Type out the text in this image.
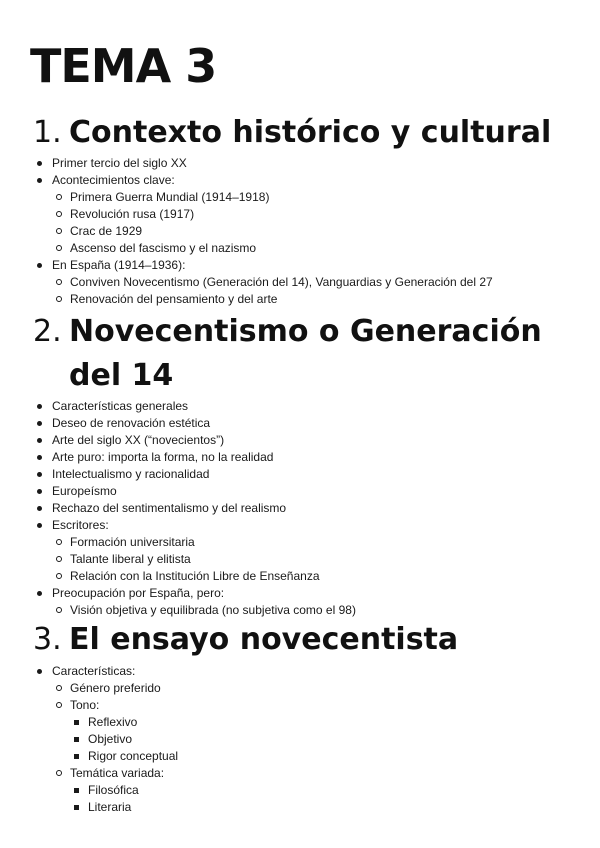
TEMA 3
1. Contexto histórico y cultural
Primer tercio del siglo XX
Acontecimientos clave:
Primera Guerra Mundial (1914–1918)
Revolución rusa (1917)
Crac de 1929
Ascenso del fascismo y el nazismo
En España (1914–1936):
Conviven Novecentismo (Generación del 14), Vanguardias y Generación del 27
Renovación del pensamiento y del arte
2. Novecentismo o Generación
del 14
Características generales
Deseo de renovación estética
Arte del siglo XX (“novecientos”)
Arte puro: importa la forma, no la realidad
Intelectualismo y racionalidad
Europeísmo
Rechazo del sentimentalismo y del realismo
Escritores:
Formación universitaria
Talante liberal y elitista
Relación con la Institución Libre de Enseñanza
Preocupación por España, pero:
Visión objetiva y equilibrada (no subjetiva como el 98)
3. El ensayo novecentista
Características:
Género preferido
Tono:
Reflexivo
Objetivo
Rigor conceptual
Temática variada:
Filosófica
Literaria
